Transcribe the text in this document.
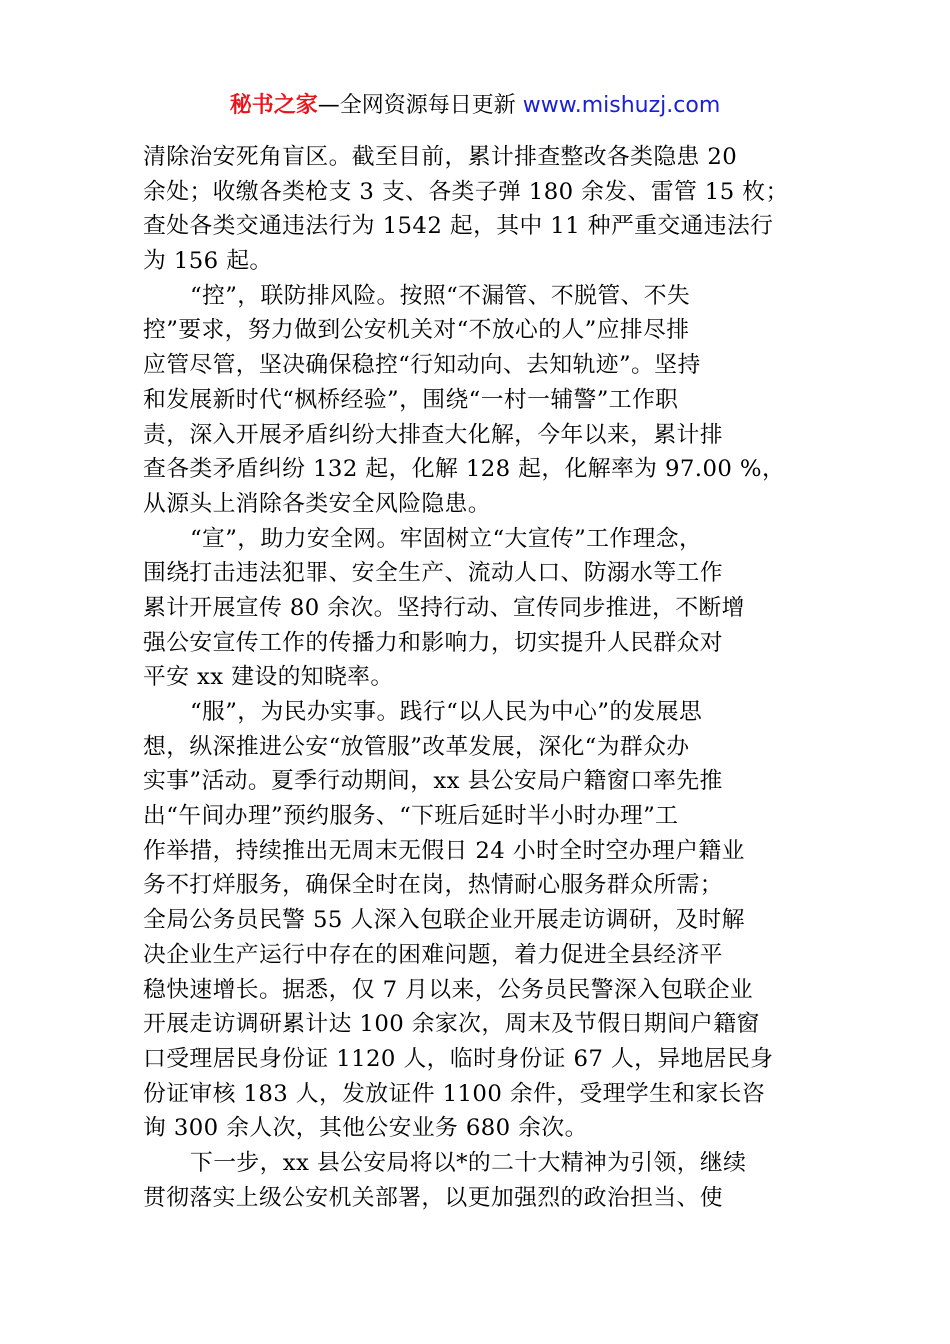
秘书之家—全网资源每日更新 www.mishuzj.com
清除治安死角盲区。截至目前，累计排查整改各类隐患 20
余处；收缴各类枪支 3 支、各类子弹 180 余发、雷管 15 枚；
查处各类交通违法行为 1542 起，其中 11 种严重交通违法行
为 156 起。
“控”，联防排风险。按照“不漏管、不脱管、不失
控”要求，努力做到公安机关对“不放心的人”应排尽排
应管尽管，坚决确保稳控“行知动向、去知轨迹”。坚持
和发展新时代“枫桥经验”，围绕“一村一辅警”工作职
责，深入开展矛盾纠纷大排查大化解，今年以来，累计排
查各类矛盾纠纷 132 起，化解 128 起，化解率为 97.00 %，
从源头上消除各类安全风险隐患。
“宣”，助力安全网。牢固树立“大宣传”工作理念，
围绕打击违法犯罪、安全生产、流动人口、防溺水等工作
累计开展宣传 80 余次。坚持行动、宣传同步推进，不断增
强公安宣传工作的传播力和影响力，切实提升人民群众对
平安 xx 建设的知晓率。
“服”，为民办实事。践行“以人民为中心”的发展思
想，纵深推进公安“放管服”改革发展，深化“为群众办
实事”活动。夏季行动期间，xx 县公安局户籍窗口率先推
出“午间办理”预约服务、“下班后延时半小时办理”工
作举措，持续推出无周末无假日 24 小时全时空办理户籍业
务不打烊服务，确保全时在岗，热情耐心服务群众所需；
全局公务员民警 55 人深入包联企业开展走访调研，及时解
决企业生产运行中存在的困难问题，着力促进全县经济平
稳快速增长。据悉，仅 7 月以来，公务员民警深入包联企业
开展走访调研累计达 100 余家次，周末及节假日期间户籍窗
口受理居民身份证 1120 人，临时身份证 67 人，异地居民身
份证审核 183 人，发放证件 1100 余件，受理学生和家长咨
询 300 余人次，其他公安业务 680 余次。
下一步，xx 县公安局将以*的二十大精神为引领，继续
贯彻落实上级公安机关部署，以更加强烈的政治担当、使
